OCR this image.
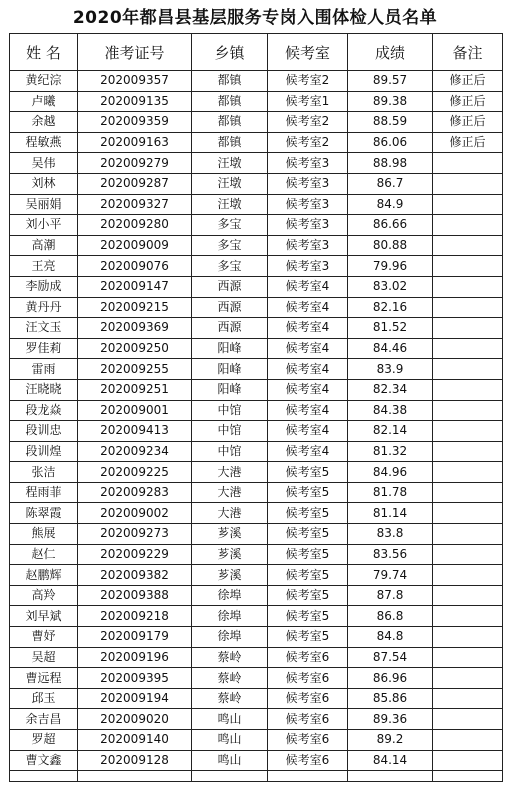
2020年都昌县基层服务专岗入围体检人员名单
姓 名	准考证号	乡镇	候考室	成绩	备注
黄纪淙	202009357	都镇	候考室2	89.57	修正后
卢曦	202009135	都镇	候考室1	89.38	修正后
余越	202009359	都镇	候考室2	88.59	修正后
程敏燕	202009163	都镇	候考室2	86.06	修正后
吴伟	202009279	汪墩	候考室3	88.98	
刘林	202009287	汪墩	候考室3	86.7	
吴丽娟	202009327	汪墩	候考室3	84.9	
刘小平	202009280	多宝	候考室3	86.66	
高潮	202009009	多宝	候考室3	80.88	
王亮	202009076	多宝	候考室3	79.96	
李励成	202009147	西源	候考室4	83.02	
黄丹丹	202009215	西源	候考室4	82.16	
汪文玉	202009369	西源	候考室4	81.52	
罗佳莉	202009250	阳峰	候考室4	84.46	
雷雨	202009255	阳峰	候考室4	83.9	
汪晓晓	202009251	阳峰	候考室4	82.34	
段龙焱	202009001	中馆	候考室4	84.38	
段训忠	202009413	中馆	候考室4	82.14	
段训煌	202009234	中馆	候考室4	81.32	
张洁	202009225	大港	候考室5	84.96	
程雨菲	202009283	大港	候考室5	81.78	
陈翠霞	202009002	大港	候考室5	81.14	
熊展	202009273	芗溪	候考室5	83.8	
赵仁	202009229	芗溪	候考室5	83.56	
赵鹏辉	202009382	芗溪	候考室5	79.74	
高羚	202009388	徐埠	候考室5	87.8	
刘早斌	202009218	徐埠	候考室5	86.8	
曹妤	202009179	徐埠	候考室5	84.8	
吴超	202009196	蔡岭	候考室6	87.54	
曹远程	202009395	蔡岭	候考室6	86.96	
邱玉	202009194	蔡岭	候考室6	85.86	
余吉昌	202009020	鸣山	候考室6	89.36	
罗超	202009140	鸣山	候考室6	89.2	
曹文鑫	202009128	鸣山	候考室6	84.14	
